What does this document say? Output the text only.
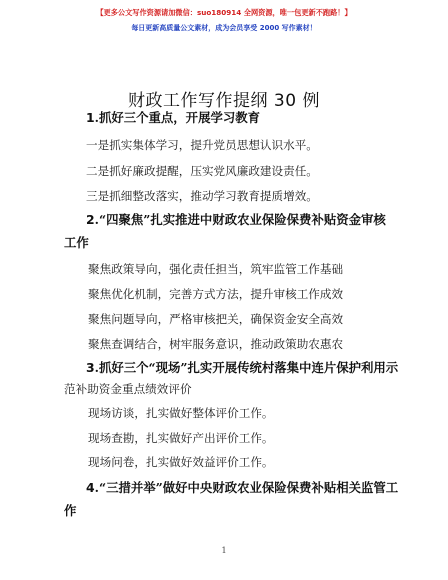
【更多公文写作资源请加微信：suo180914 全网资源，唯一包更新不跑路！】
每日更新高质量公文素材，成为会员享受 2000 写作素材！
财政工作写作提纲 30 例
1.抓好三个重点，开展学习教育
一是抓实集体学习，提升党员思想认识水平。
二是抓好廉政提醒，压实党风廉政建设责任。
三是抓细整改落实，推动学习教育提质增效。
2.“四聚焦”扎实推进中财政农业保险保费补贴资金审核
工作
聚焦政策导向，强化责任担当，筑牢监管工作基础
聚焦优化机制，完善方式方法，提升审核工作成效
聚焦问题导向，严格审核把关，确保资金安全高效
聚焦查调结合，树牢服务意识，推动政策助农惠农
3.抓好三个“现场”扎实开展传统村落集中连片保护利用示
范补助资金重点绩效评价
现场访谈，扎实做好整体评价工作。
现场查勘，扎实做好产出评价工作。
现场问卷，扎实做好效益评价工作。
4.“三措并举”做好中央财政农业保险保费补贴相关监管工
作
1
